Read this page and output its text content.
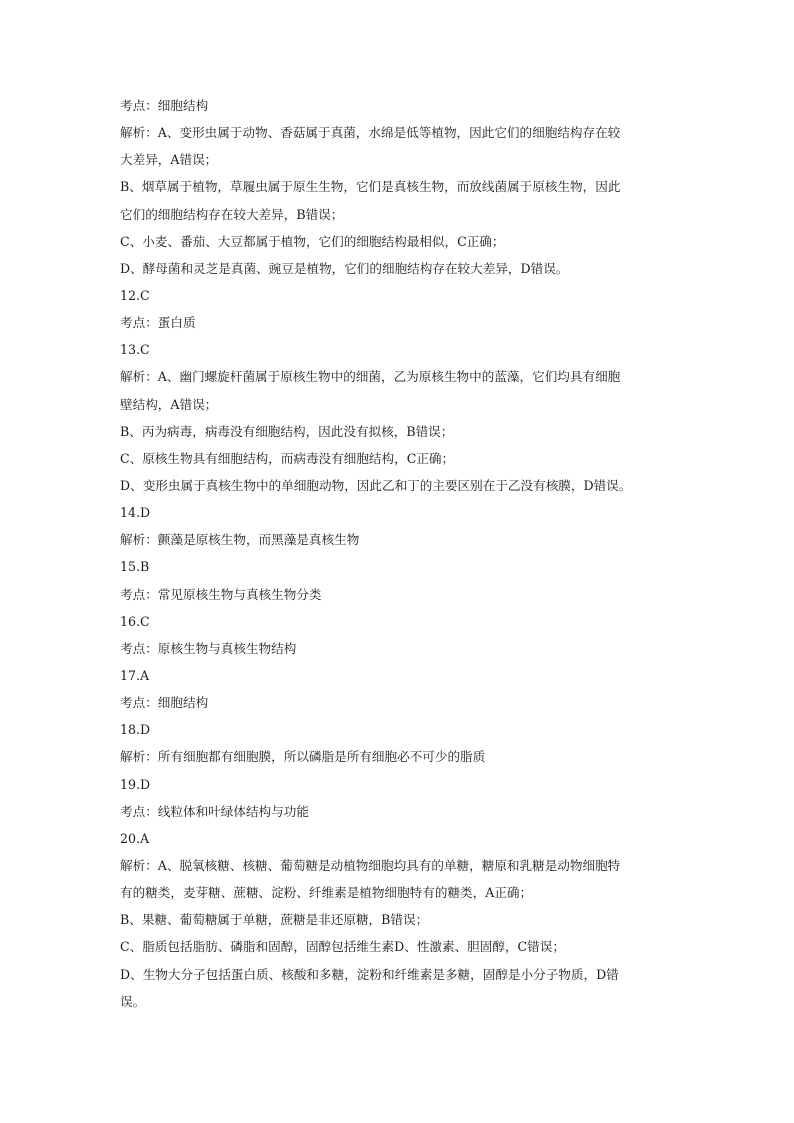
考点：细胞结构
解析：A、变形虫属于动物、香菇属于真菌，水绵是低等植物，因此它们的细胞结构存在较
大差异，A错误；
B、烟草属于植物，草履虫属于原生生物，它们是真核生物，而放线菌属于原核生物，因此
它们的细胞结构存在较大差异，B错误；
C、小麦、番茄、大豆都属于植物，它们的细胞结构最相似，C正确；
D、酵母菌和灵芝是真菌、豌豆是植物，它们的细胞结构存在较大差异，D错误。
12.C
考点：蛋白质
13.C
解析：A、幽门螺旋杆菌属于原核生物中的细菌，乙为原核生物中的蓝藻，它们均具有细胞
壁结构，A错误；
B、丙为病毒，病毒没有细胞结构，因此没有拟核，B错误；
C、原核生物具有细胞结构，而病毒没有细胞结构，C正确；
D、变形虫属于真核生物中的单细胞动物，因此乙和丁的主要区别在于乙没有核膜，D错误。
14.D
解析：颤藻是原核生物，而黑藻是真核生物
15.B
考点：常见原核生物与真核生物分类
16.C
考点：原核生物与真核生物结构
17.A
考点：细胞结构
18.D
解析：所有细胞都有细胞膜，所以磷脂是所有细胞必不可少的脂质
19.D
考点：线粒体和叶绿体结构与功能
20.A
解析：A、脱氧核糖、核糖、葡萄糖是动植物细胞均具有的单糖，糖原和乳糖是动物细胞特
有的糖类，麦芽糖、蔗糖、淀粉、纤维素是植物细胞特有的糖类，A正确；
B、果糖、葡萄糖属于单糖，蔗糖是非还原糖，B错误；
C、脂质包括脂肪、磷脂和固醇，固醇包括维生素D、性激素、胆固醇，C错误；
D、生物大分子包括蛋白质、核酸和多糖，淀粉和纤维素是多糖，固醇是小分子物质，D错
误。
